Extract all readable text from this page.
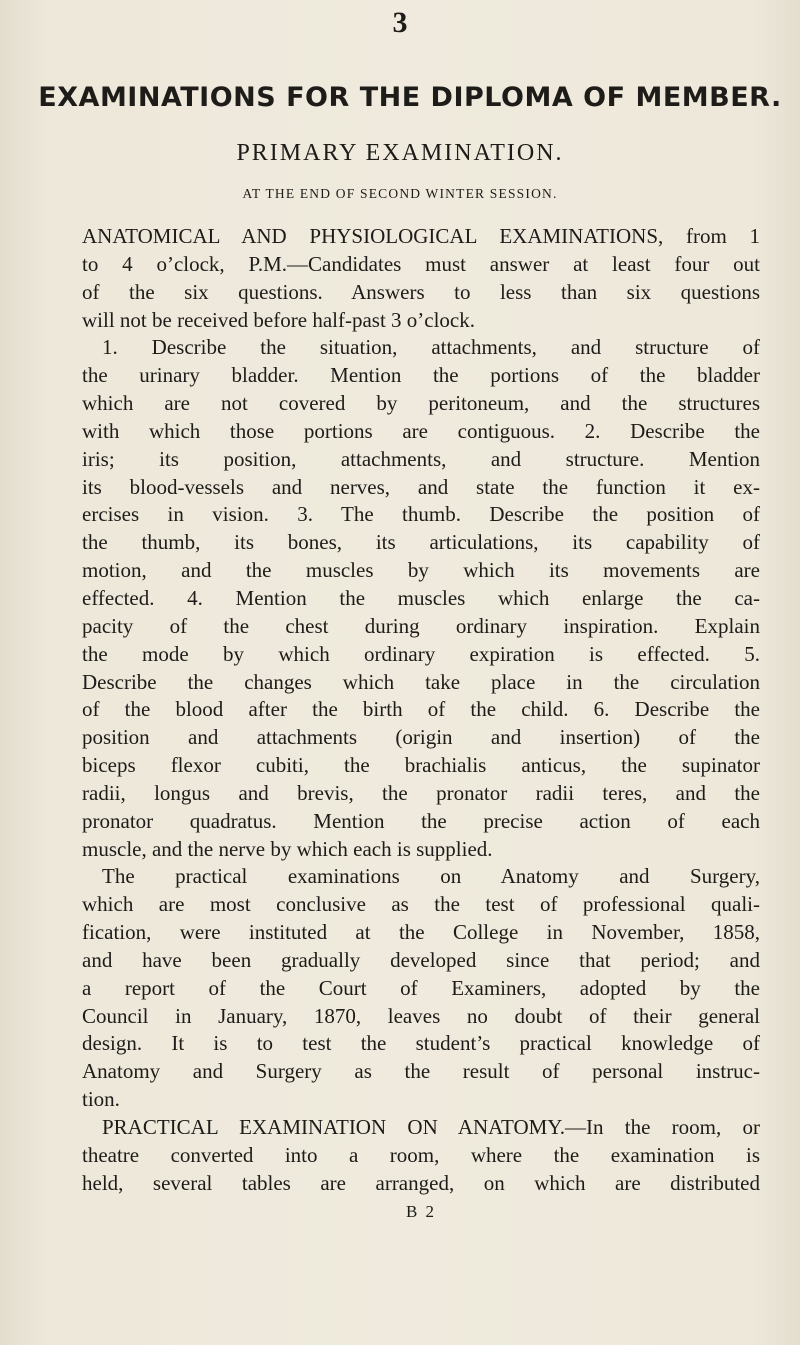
3
EXAMINATIONS FOR THE DIPLOMA OF MEMBER.
PRIMARY EXAMINATION.
AT THE END OF SECOND WINTER SESSION.
ANATOMICAL AND PHYSIOLOGICAL EXAMINATIONS, from 1
to 4 o’clock, P.M.—Candidates must answer at least four out
of the six questions. Answers to less than six questions
will not be received before half-past 3 o’clock.
1. Describe the situation, attachments, and structure of
the urinary bladder. Mention the portions of the bladder
which are not covered by peritoneum, and the structures
with which those portions are contiguous. 2. Describe the
iris; its position, attachments, and structure. Mention
its blood-vessels and nerves, and state the function it ex-
ercises in vision. 3. The thumb. Describe the position of
the thumb, its bones, its articulations, its capability of
motion, and the muscles by which its movements are
effected. 4. Mention the muscles which enlarge the ca-
pacity of the chest during ordinary inspiration. Explain
the mode by which ordinary expiration is effected. 5.
Describe the changes which take place in the circulation
of the blood after the birth of the child. 6. Describe the
position and attachments (origin and insertion) of the
biceps flexor cubiti, the brachialis anticus, the supinator
radii, longus and brevis, the pronator radii teres, and the
pronator quadratus. Mention the precise action of each
muscle, and the nerve by which each is supplied.
The practical examinations on Anatomy and Surgery,
which are most conclusive as the test of professional quali-
fication, were instituted at the College in November, 1858,
and have been gradually developed since that period; and
a report of the Court of Examiners, adopted by the
Council in January, 1870, leaves no doubt of their general
design. It is to test the student’s practical knowledge of
Anatomy and Surgery as the result of personal instruc-
tion.
PRACTICAL EXAMINATION ON ANATOMY.—In the room, or
theatre converted into a room, where the examination is
held, several tables are arranged, on which are distributed
B 2
